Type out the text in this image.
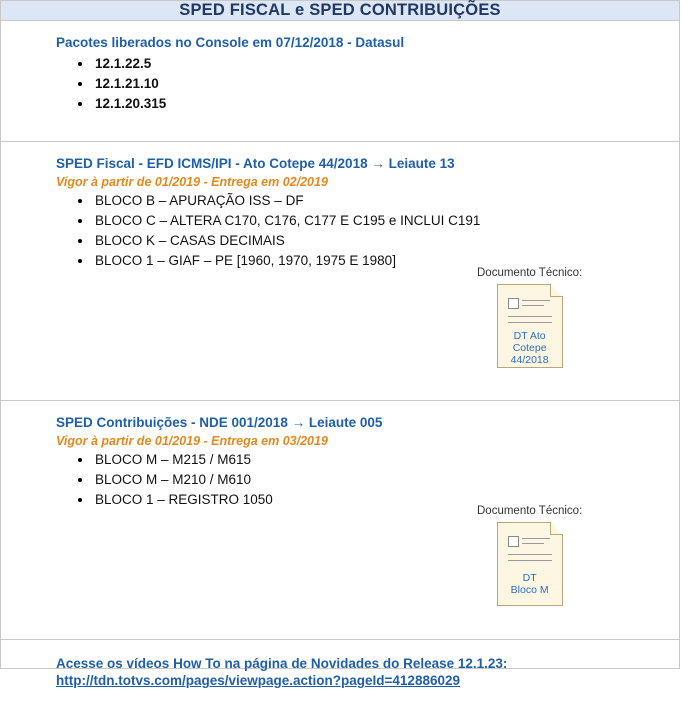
SPED FISCAL e SPED CONTRIBUIÇÕES
Pacotes liberados no Console em 07/12/2018 - Datasul
• 12.1.22.5
• 12.1.21.10
• 12.1.20.315
SPED Fiscal - EFD ICMS/IPI - Ato Cotepe 44/2018 → Leiaute 13
Vigor à partir de 01/2019 - Entrega em 02/2019
• BLOCO B – APURAÇÃO ISS – DF
• BLOCO C – ALTERA C170, C176, C177 E C195 e INCLUI C191
• BLOCO K – CASAS DECIMAIS
• BLOCO 1 – GIAF – PE [1960, 1970, 1975 E 1980]
Documento Técnico:
DT Ato
Cotepe
44/2018
SPED Contribuições - NDE 001/2018 → Leiaute 005
Vigor à partir de 01/2019 - Entrega em 03/2019
• BLOCO M – M215 / M615
• BLOCO M – M210 / M610
• BLOCO 1 – REGISTRO 1050
Documento Técnico:
DT
Bloco M
Acesse os vídeos How To na página de Novidades do Release 12.1.23:
http://tdn.totvs.com/pages/viewpage.action?pageId=412886029
